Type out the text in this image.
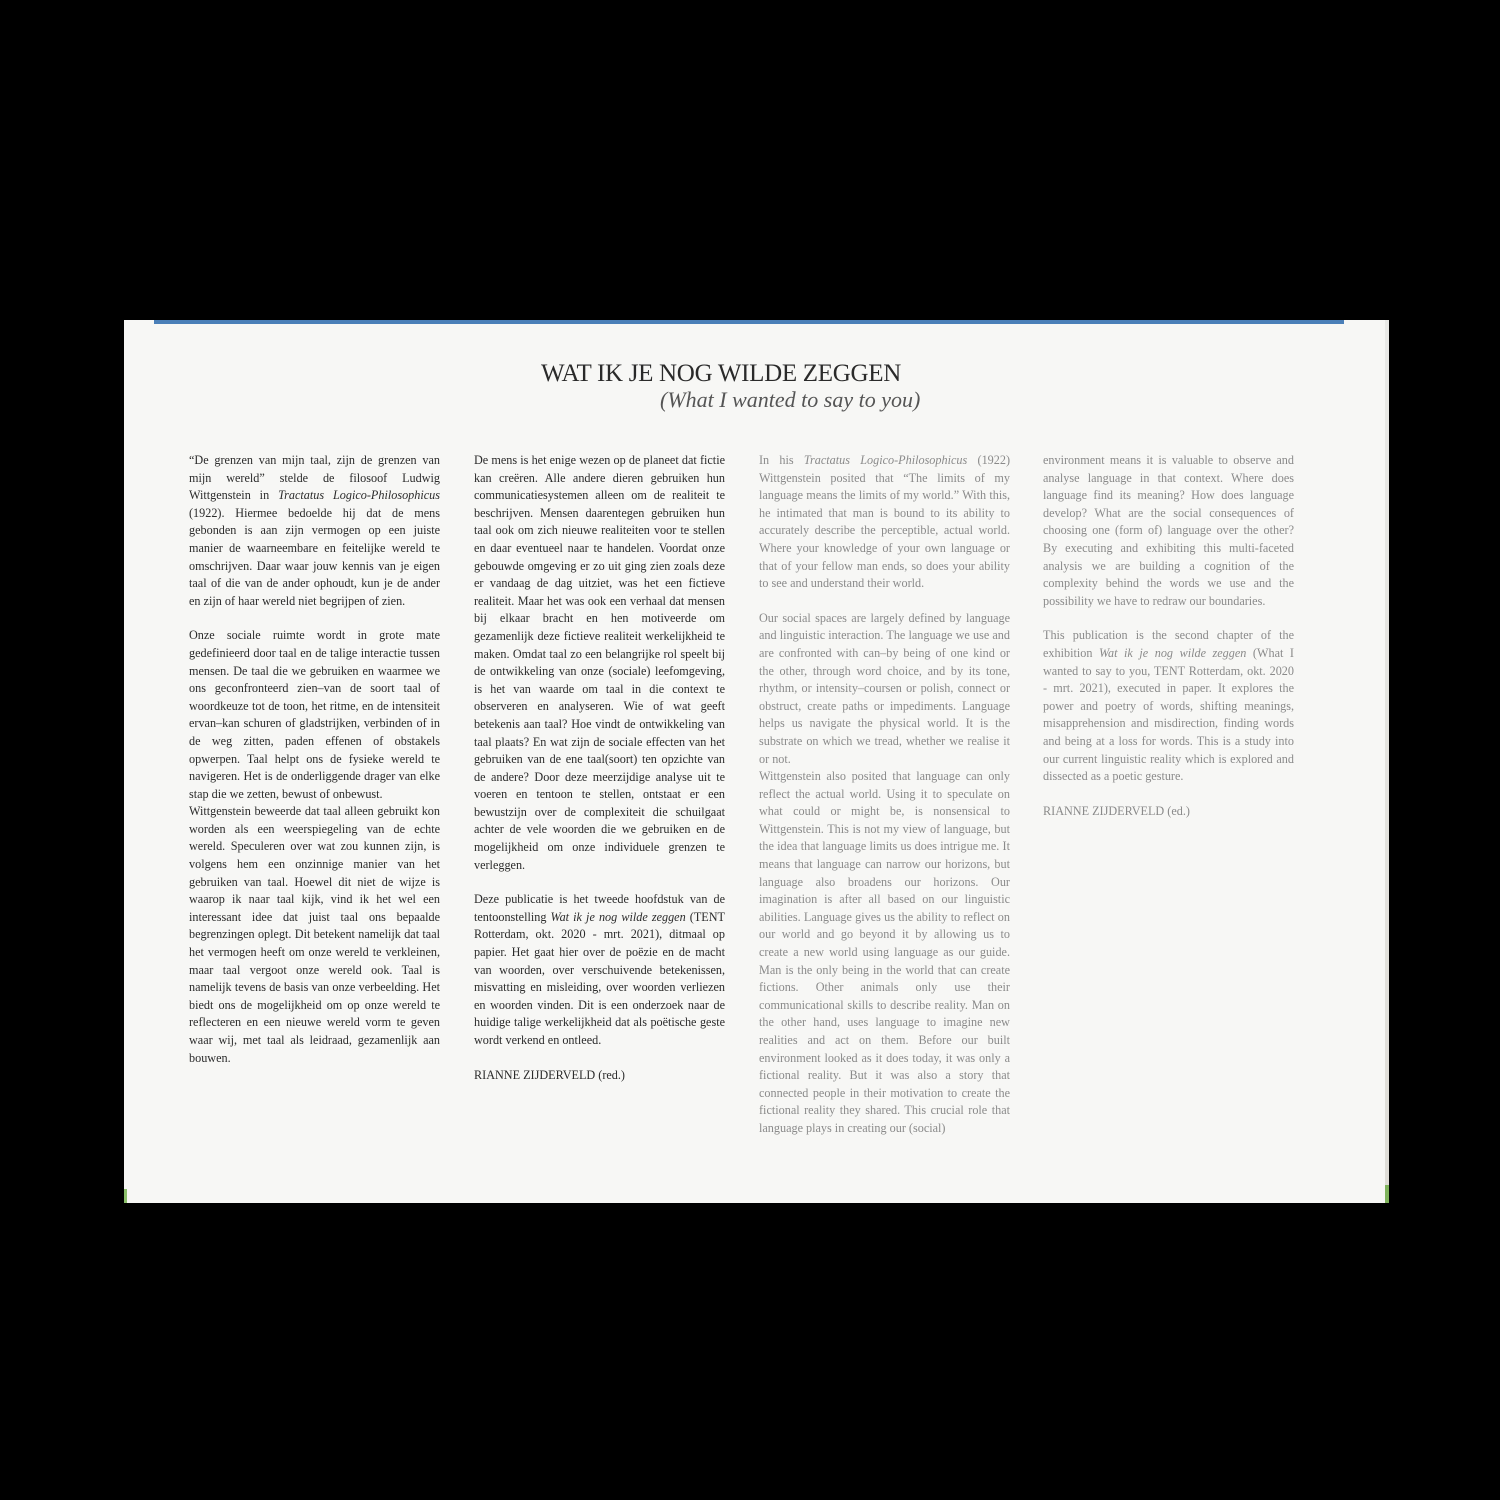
WAT IK JE NOG WILDE ZEGGEN
(What I wanted to say to you)

“De grenzen van mijn taal, zijn de grenzen van mijn wereld” stelde de filosoof Ludwig Wittgenstein in Tractatus Logico-Philosophicus (1922). Hiermee bedoelde hij dat de mens gebonden is aan zijn vermogen op een juiste manier de waarneembare en feitelijke wereld te omschrijven. Daar waar jouw kennis van je eigen taal of die van de ander ophoudt, kun je de ander en zijn of haar wereld niet begrijpen of zien.

Onze sociale ruimte wordt in grote mate gedefinieerd door taal en de talige interactie tussen mensen. De taal die we gebruiken en waarmee we ons geconfronteerd zien–van de soort taal of woordkeuze tot de toon, het ritme, en de intensiteit ervan–kan schuren of gladstrijken, verbinden of in de weg zitten, paden effenen of obstakels opwerpen. Taal helpt ons de fysieke wereld te navigeren. Het is de onderliggende drager van elke stap die we zetten, bewust of onbewust.

Wittgenstein beweerde dat taal alleen gebruikt kon worden als een weerspiegeling van de echte wereld. Speculeren over wat zou kunnen zijn, is volgens hem een onzinnige manier van het gebruiken van taal. Hoewel dit niet de wijze is waarop ik naar taal kijk, vind ik het wel een interessant idee dat juist taal ons bepaalde begrenzingen oplegt. Dit betekent namelijk dat taal het vermogen heeft om onze wereld te verkleinen, maar taal vergoot onze wereld ook. Taal is namelijk tevens de basis van onze verbeelding. Het biedt ons de mogelijkheid om op onze wereld te reflecteren en een nieuwe wereld vorm te geven waar wij, met taal als leidraad, gezamenlijk aan bouwen.

De mens is het enige wezen op de planeet dat fictie kan creëren. Alle andere dieren gebruiken hun communicatiesystemen alleen om de realiteit te beschrijven. Mensen daarentegen gebruiken hun taal ook om zich nieuwe realiteiten voor te stellen en daar eventueel naar te handelen. Voordat onze gebouwde omgeving er zo uit ging zien zoals deze er vandaag de dag uitziet, was het een fictieve realiteit. Maar het was ook een verhaal dat mensen bij elkaar bracht en hen motiveerde om gezamenlijk deze fictieve realiteit werkelijkheid te maken. Omdat taal zo een belangrijke rol speelt bij de ontwikkeling van onze (sociale) leefomgeving, is het van waarde om taal in die context te observeren en analyseren. Wie of wat geeft betekenis aan taal? Hoe vindt de ontwikkeling van taal plaats? En wat zijn de sociale effecten van het gebruiken van de ene taal(soort) ten opzichte van de andere? Door deze meerzijdige analyse uit te voeren en tentoon te stellen, ontstaat er een bewustzijn over de complexiteit die schuilgaat achter de vele woorden die we gebruiken en de mogelijkheid om onze individuele grenzen te verleggen.

Deze publicatie is het tweede hoofdstuk van de tentoonstelling Wat ik je nog wilde zeggen (TENT Rotterdam, okt. 2020 - mrt. 2021), ditmaal op papier. Het gaat hier over de poëzie en de macht van woorden, over verschuivende betekenissen, misvatting en misleiding, over woorden verliezen en woorden vinden. Dit is een onderzoek naar de huidige talige werkelijkheid dat als poëtische geste wordt verkend en ontleed.

RIANNE ZIJDERVELD (red.)

In his Tractatus Logico-Philosophicus (1922) Wittgenstein posited that “The limits of my language means the limits of my world.” With this, he intimated that man is bound to its ability to accurately describe the perceptible, actual world. Where your knowledge of your own language or that of your fellow man ends, so does your ability to see and understand their world.

Our social spaces are largely defined by language and linguistic interaction. The language we use and are confronted with can–by being of one kind or the other, through word choice, and by its tone, rhythm, or intensity–coursen or polish, connect or obstruct, create paths or impediments. Language helps us navigate the physical world. It is the substrate on which we tread, whether we realise it or not.

Wittgenstein also posited that language can only reflect the actual world. Using it to speculate on what could or might be, is nonsensical to Wittgenstein. This is not my view of language, but the idea that language limits us does intrigue me. It means that language can narrow our horizons, but language also broadens our horizons. Our imagination is after all based on our linguistic abilities. Language gives us the ability to reflect on our world and go beyond it by allowing us to create a new world using language as our guide. Man is the only being in the world that can create fictions. Other animals only use their communicational skills to describe reality. Man on the other hand, uses language to imagine new realities and act on them. Before our built environment looked as it does today, it was only a fictional reality. But it was also a story that connected people in their motivation to create the fictional reality they shared. This crucial role that language plays in creating our (social)

environment means it is valuable to observe and analyse language in that context. Where does language find its meaning? How does language develop? What are the social consequences of choosing one (form of) language over the other? By executing and exhibiting this multi-faceted analysis we are building a cognition of the complexity behind the words we use and the possibility we have to redraw our boundaries.

This publication is the second chapter of the exhibition Wat ik je nog wilde zeggen (What I wanted to say to you, TENT Rotterdam, okt. 2020 - mrt. 2021), executed in paper. It explores the power and poetry of words, shifting meanings, misapprehension and misdirection, finding words and being at a loss for words. This is a study into our current linguistic reality which is explored and dissected as a poetic gesture.

RIANNE ZIJDERVELD (ed.)
